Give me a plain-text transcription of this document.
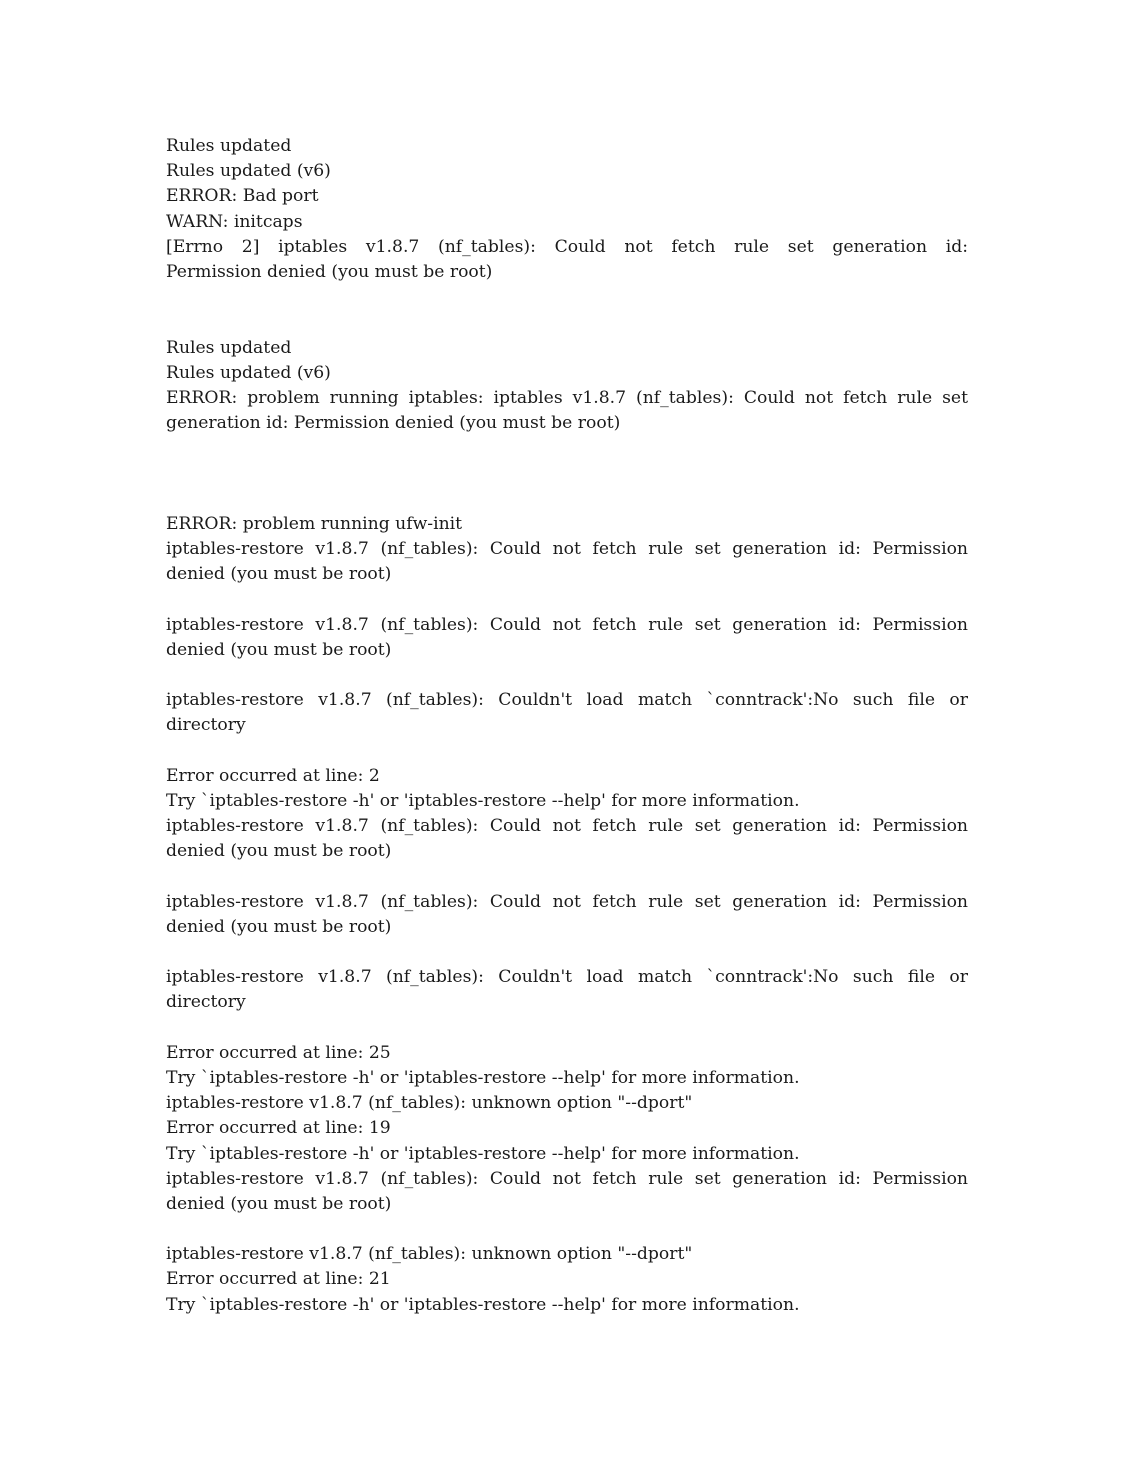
Rules updated
Rules updated (v6)
ERROR: Bad port
WARN: initcaps
[Errno 2] iptables v1.8.7 (nf_tables): Could not fetch rule set generation id:
Permission denied (you must be root)
Rules updated
Rules updated (v6)
ERROR: problem running iptables: iptables v1.8.7 (nf_tables): Could not fetch rule set
generation id: Permission denied (you must be root)
ERROR: problem running ufw-init
iptables-restore v1.8.7 (nf_tables): Could not fetch rule set generation id: Permission
denied (you must be root)
iptables-restore v1.8.7 (nf_tables): Could not fetch rule set generation id: Permission
denied (you must be root)
iptables-restore v1.8.7 (nf_tables): Couldn't load match `conntrack':No such file or
directory
Error occurred at line: 2
Try `iptables-restore -h' or 'iptables-restore --help' for more information.
iptables-restore v1.8.7 (nf_tables): Could not fetch rule set generation id: Permission
denied (you must be root)
iptables-restore v1.8.7 (nf_tables): Could not fetch rule set generation id: Permission
denied (you must be root)
iptables-restore v1.8.7 (nf_tables): Couldn't load match `conntrack':No such file or
directory
Error occurred at line: 25
Try `iptables-restore -h' or 'iptables-restore --help' for more information.
iptables-restore v1.8.7 (nf_tables): unknown option "--dport"
Error occurred at line: 19
Try `iptables-restore -h' or 'iptables-restore --help' for more information.
iptables-restore v1.8.7 (nf_tables): Could not fetch rule set generation id: Permission
denied (you must be root)
iptables-restore v1.8.7 (nf_tables): unknown option "--dport"
Error occurred at line: 21
Try `iptables-restore -h' or 'iptables-restore --help' for more information.
